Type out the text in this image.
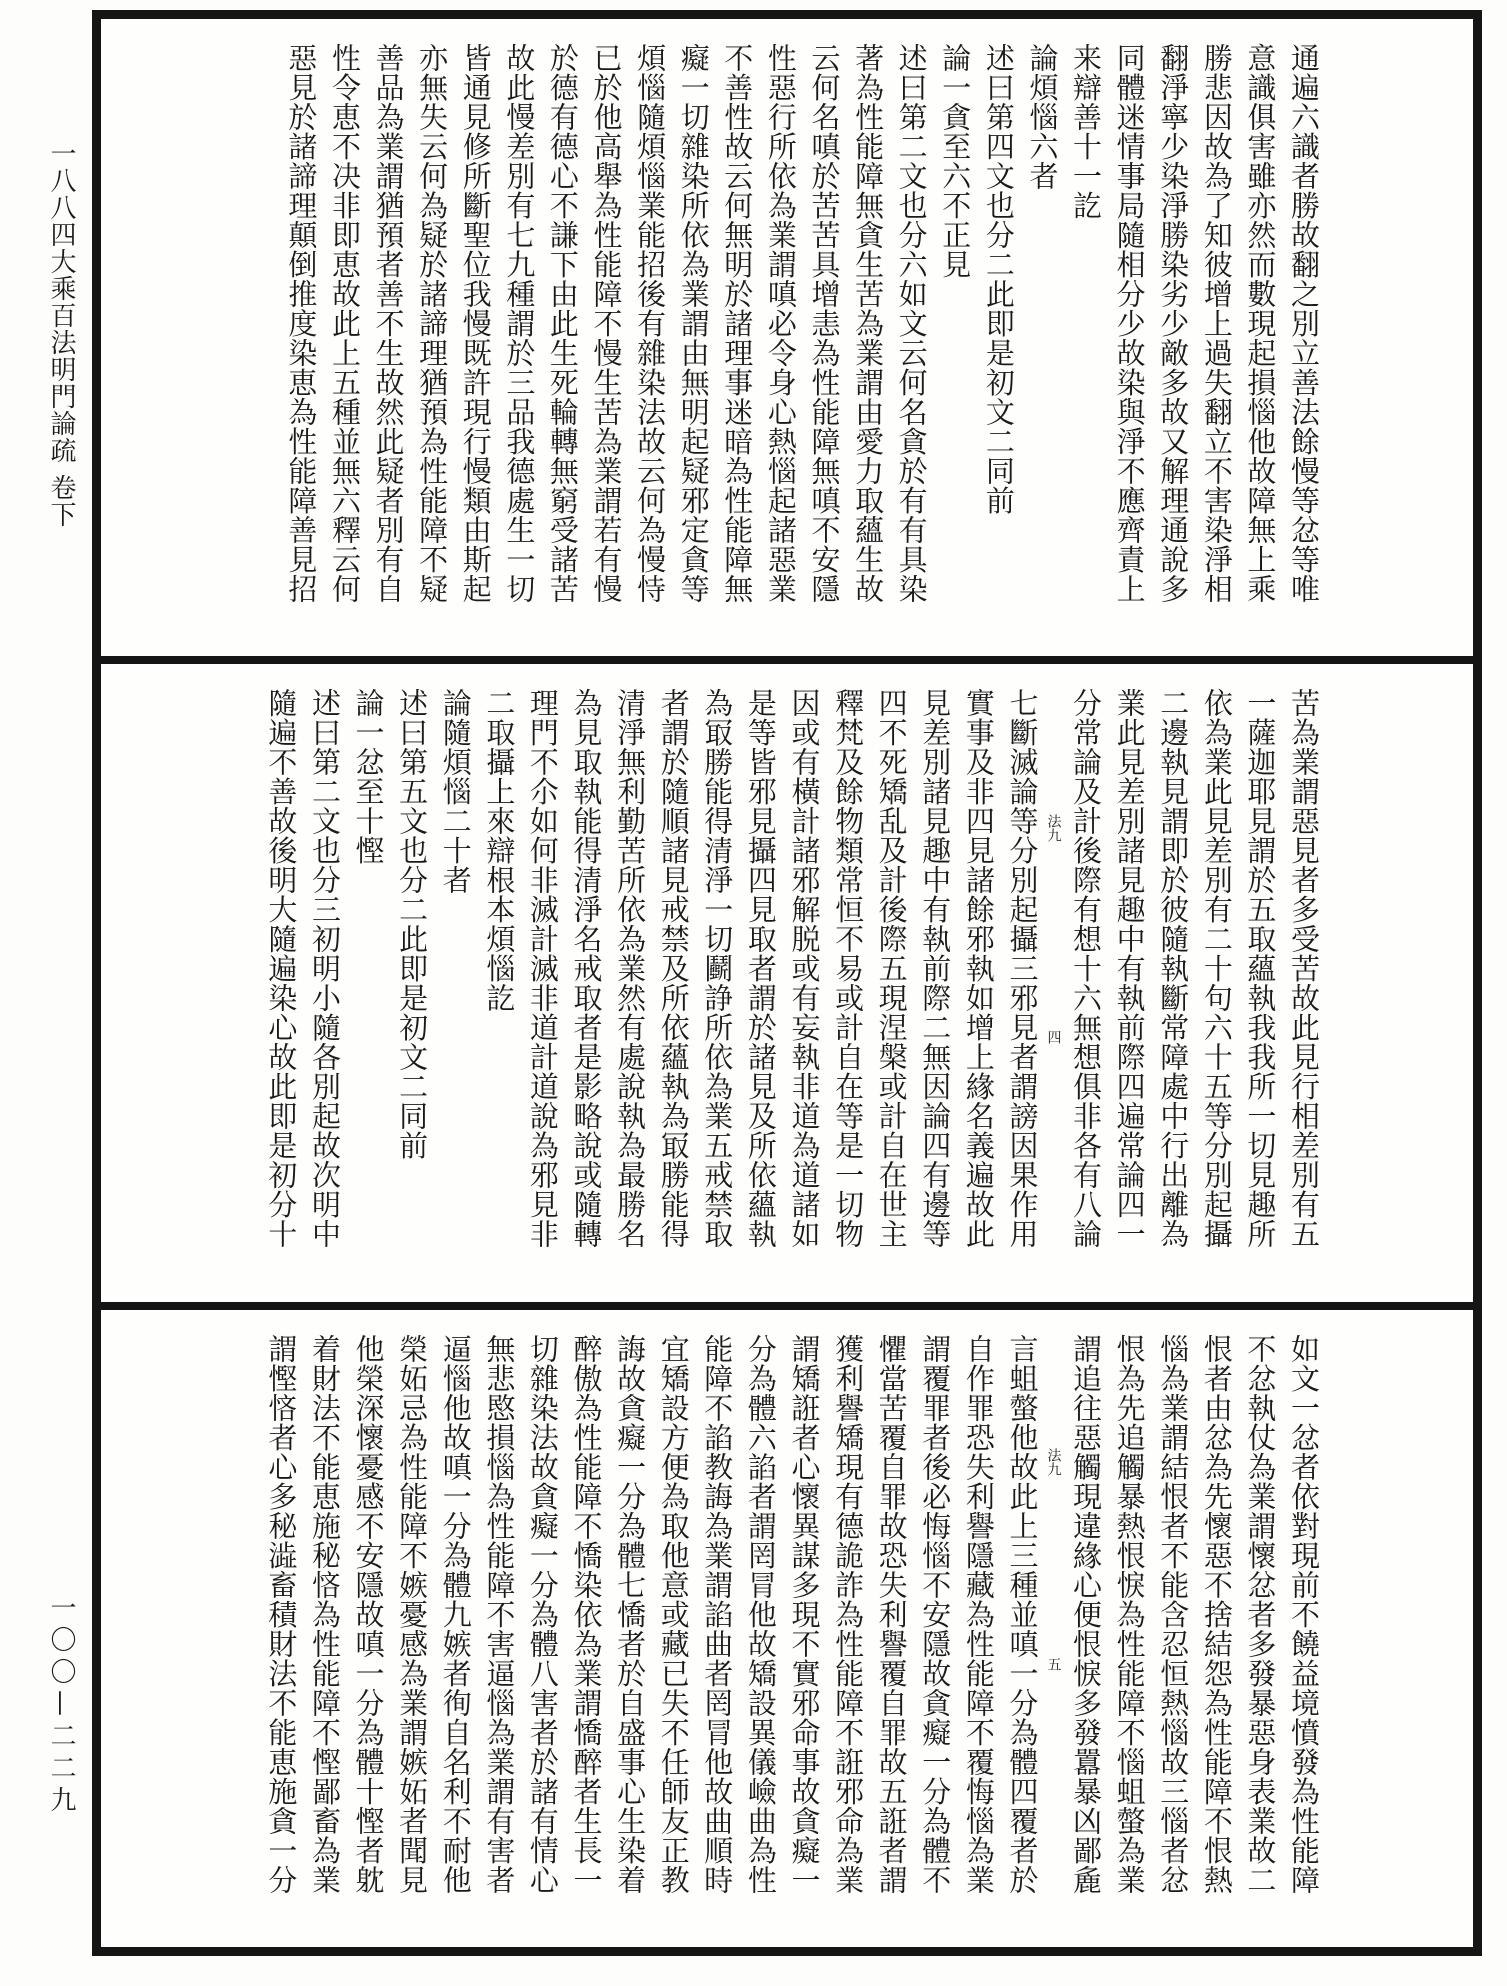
一八八四
大乘百法明門論疏
卷下
一〇〇—二二九
通遍六識者勝故翻之別立善法餘慢等忿等唯
意識俱害雖亦然而數現起損惱他故障無上乘
勝悲因故為了知彼增上過失翻立不害染淨相
翻淨寧少染淨勝染劣少敵多故又解理通說多
同體迷情事局隨相分少故染與淨不應齊責上
来辯善十一訖
論煩惱六者
述曰第四文也分二此即是初文二同前
論一貪至六不正見
述曰第二文也分六如文云何名貪於有有具染
著為性能障無貪生苦為業謂由愛力取蘊生故
云何名嗔於苦苦具增恚為性能障無嗔不安隱
性惡行所依為業謂嗔必令身心熱惱起諸惡業
不善性故云何無明於諸理事迷暗為性能障無
癡一切雜染所依為業謂由無明起疑邪定貪等
煩惱隨煩惱業能招後有雜染法故云何為慢恃
已於他高舉為性能障不慢生苦為業謂若有慢
於德有德心不謙下由此生死輪轉無窮受諸苦
故此慢差別有七九種謂於三品我德處生一切
皆通見修所斷聖位我慢既許現行慢類由斯起
亦無失云何為疑於諸諦理猶預為性能障不疑
善品為業謂猶預者善不生故然此疑者別有自
性令恵不决非即恵故此上五種並無六釋云何
惡見於諸諦理顛倒推度染恵為性能障善見招
苦為業謂惡見者多受苦故此見行相差別有五
一薩迦耶見謂於五取蘊執我我所一切見趣所
依為業此見差別有二十句六十五等分別起攝
二邊執見謂即於彼隨執斷常障處中行出離為
業此見差別諸見趣中有執前際四遍常論四一
分常論及計後際有想十六無想俱非各有八論
法九
四
七斷滅論等分別起攝三邪見者謂謗因果作用
實事及非四見諸餘邪執如增上緣名義遍故此
見差別諸見趣中有執前際二無因論四有邊等
四不死矯乱及計後際五現涅槃或計自在世主
釋梵及餘物類常恒不易或計自在等是一切物
因或有橫計諸邪解脱或有妄執非道為道諸如
是等皆邪見攝四見取者謂於諸見及所依蘊執
為冣勝能得清淨一切鬬諍所依為業五戒禁取
者謂於隨順諸見戒禁及所依蘊執為冣勝能得
清淨無利勤苦所依為業然有處說執為最勝名
為見取執能得清淨名戒取者是影略說或隨轉
理門不尒如何非滅計滅非道計道說為邪見非
二取攝上來辯根本煩惱訖
論隨煩惱二十者
述曰第五文也分二此即是初文二同前
論一忿至十慳
述曰第二文也分三初明小隨各別起故次明中
隨遍不善故後明大隨遍染心故此即是初分十
如文一忿者依對現前不饒益境憤發為性能障
不忿執仗為業謂懷忿者多發暴惡身表業故二
恨者由忿為先懷惡不捨結怨為性能障不恨熱
惱為業謂結恨者不能含忍恒熱惱故三惱者忿
恨為先追觸暴熱恨悷為性能障不惱蛆螫為業
謂追往惡觸現違緣心便恨悷多發囂暴凶鄙麁
法九
五
言蛆螫他故此上三種並嗔一分為體四覆者於
自作罪恐失利譽隱藏為性能障不覆悔惱為業
謂覆罪者後必悔惱不安隱故貪癡一分為體不
懼當苦覆自罪故恐失利譽覆自罪故五誑者謂
獲利譽矯現有德詭詐為性能障不誑邪命為業
謂矯誑者心懷異謀多現不實邪命事故貪癡一
分為體六諂者謂罔冐他故矯設異儀嶮曲為性
能障不諂教誨為業謂諂曲者罔冐他故曲順時
宜矯設方便為取他意或藏已失不任師友正教
誨故貪癡一分為體七憍者於自盛事心生染着
醉傲為性能障不憍染依為業謂憍醉者生長一
切雜染法故貪癡一分為體八害者於諸有情心
無悲愍損惱為性能障不害逼惱為業謂有害者
逼惱他故嗔一分為體九嫉者徇自名利不耐他
榮妬忌為性能障不嫉憂感為業謂嫉妬者聞見
他榮深懷憂感不安隱故嗔一分為體十慳者躭
着財法不能恵施秘悋為性能障不慳鄙畜為業
謂慳悋者心多秘澁畜積財法不能恵施貪一分
